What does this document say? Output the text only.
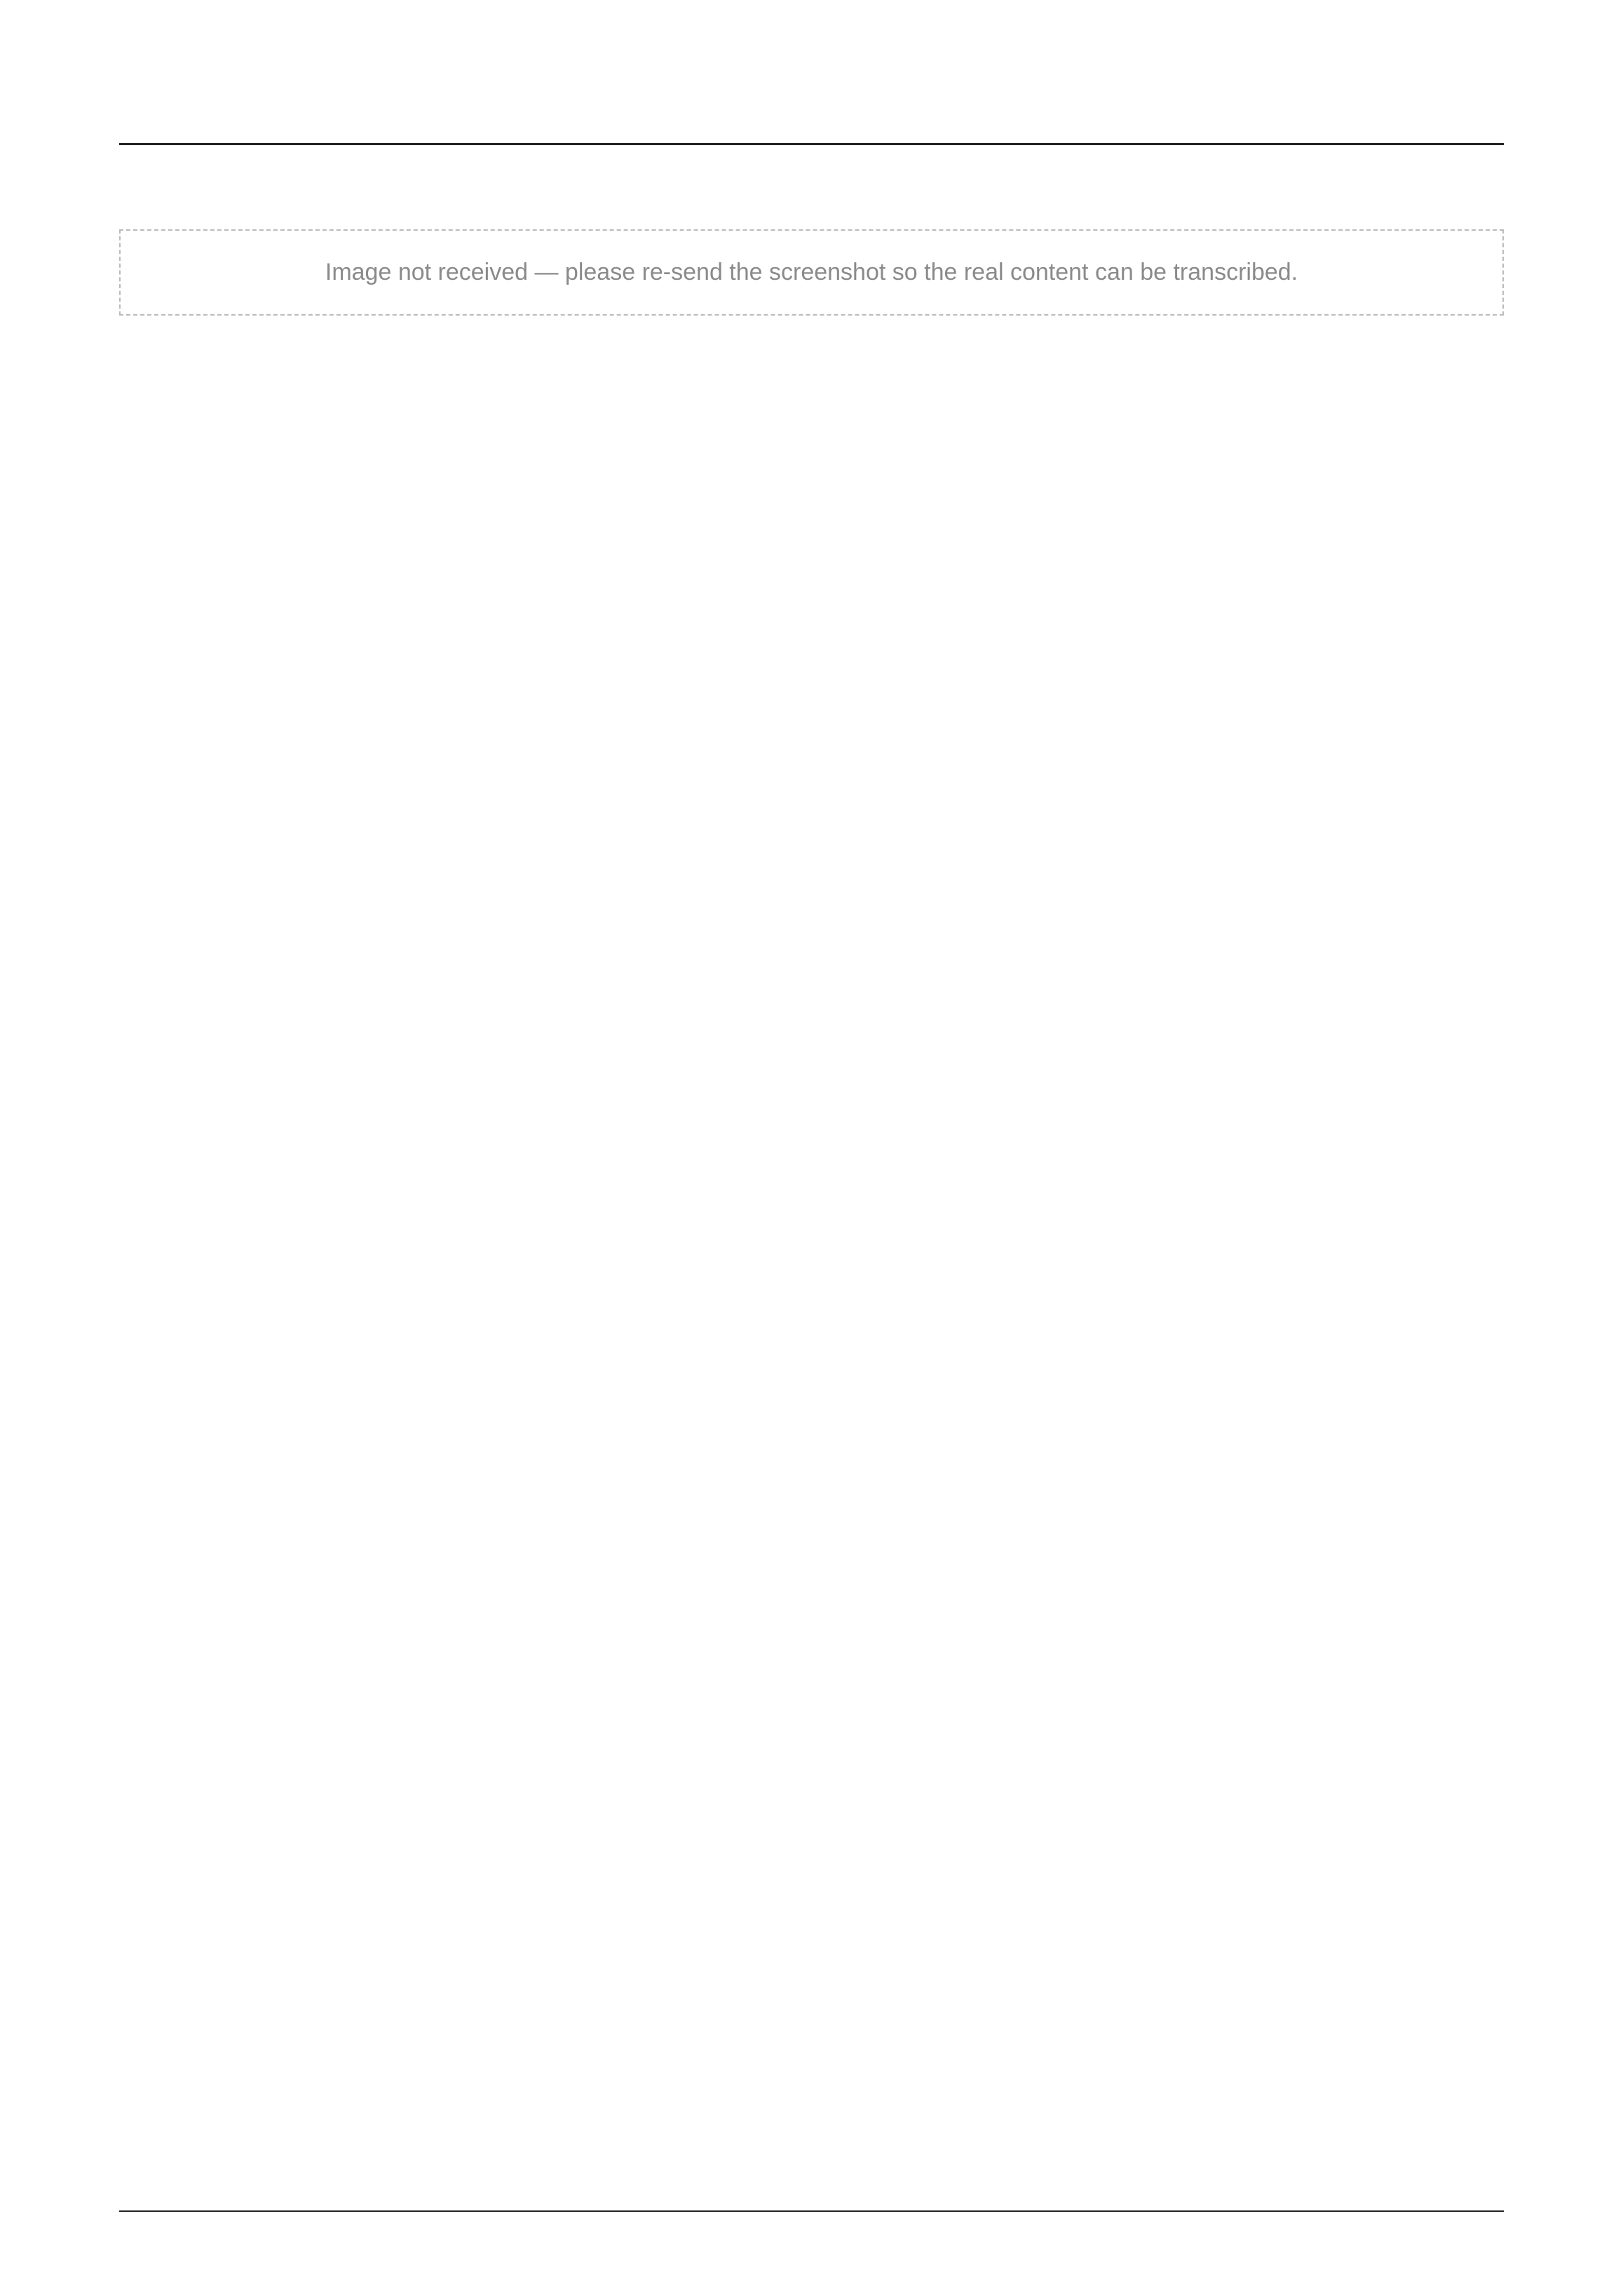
Image not received — please re-send the screenshot so the real content can be transcribed.
